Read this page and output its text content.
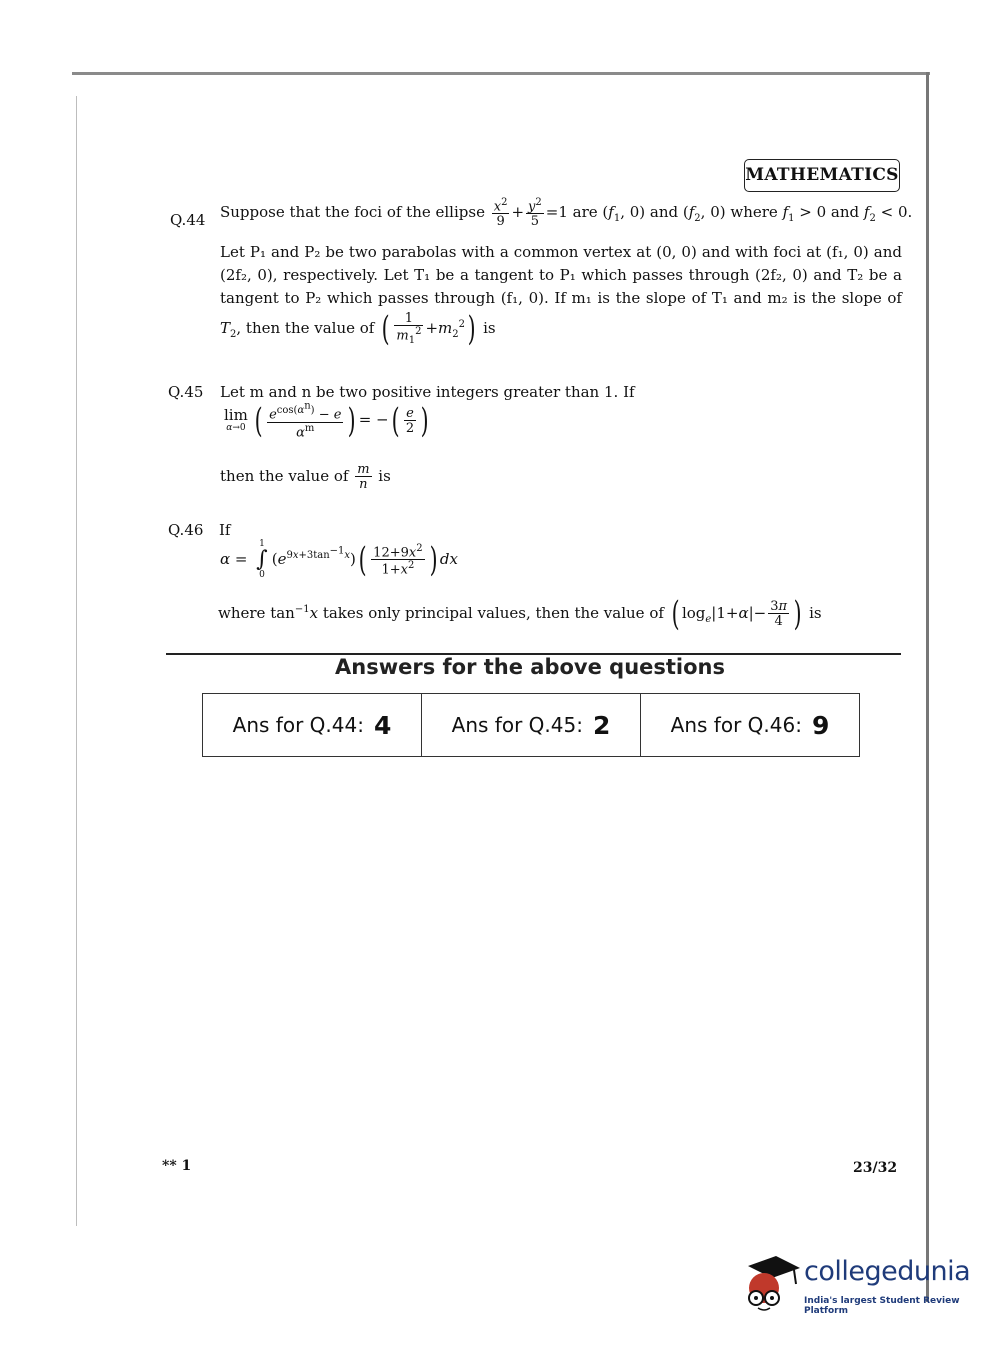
MATHEMATICS
Q.44 Suppose that the foci of the ellipse $\frac{x^2}{9} + \frac{y^2}{5} =1$ are ($f_1$, 0) and ($f_2$, 0) where $f_1 > 0$ and $f_2 < 0$.
Let P₁ and P₂ be two parabolas with a common vertex at (0, 0) and with foci at (f₁, 0) and
(2f₂, 0), respectively. Let T₁ be a tangent to P₁ which passes through (2f₂, 0) and T₂ be a
tangent to P₂ which passes through (f₁, 0). If m₁ is the slope of T₁ and m₂ is the slope of
$T_2$, then the value of ( $\frac{1}{m_1^2} +m_2^2$) is
Q.45 Let m and n be two positive integers greater than 1. If
lim
α→0 ( $\frac{e^{cos(\alpha^n)} - e}{\alpha^m}$ ) = −( $\frac{e}{2}$ )
then the value of $\frac{m}{n}$ is
Q.46 If
α =
1
∫
0
$(e^{9x+3tan^{-1}x})( \frac{12+9x^2}{1+x^2}$ ) dx
where $\tan^{-1}x$ takes only principal values, then the value of ( $\log_e|1+\alpha|- \frac{3\pi}{4}$ ) is
Answers for the above questions
Ans for Q.44: 4	Ans for Q.45: 2	Ans for Q.46: 9
** 1	23/32
collegedunia
India's largest Student Review Platform
